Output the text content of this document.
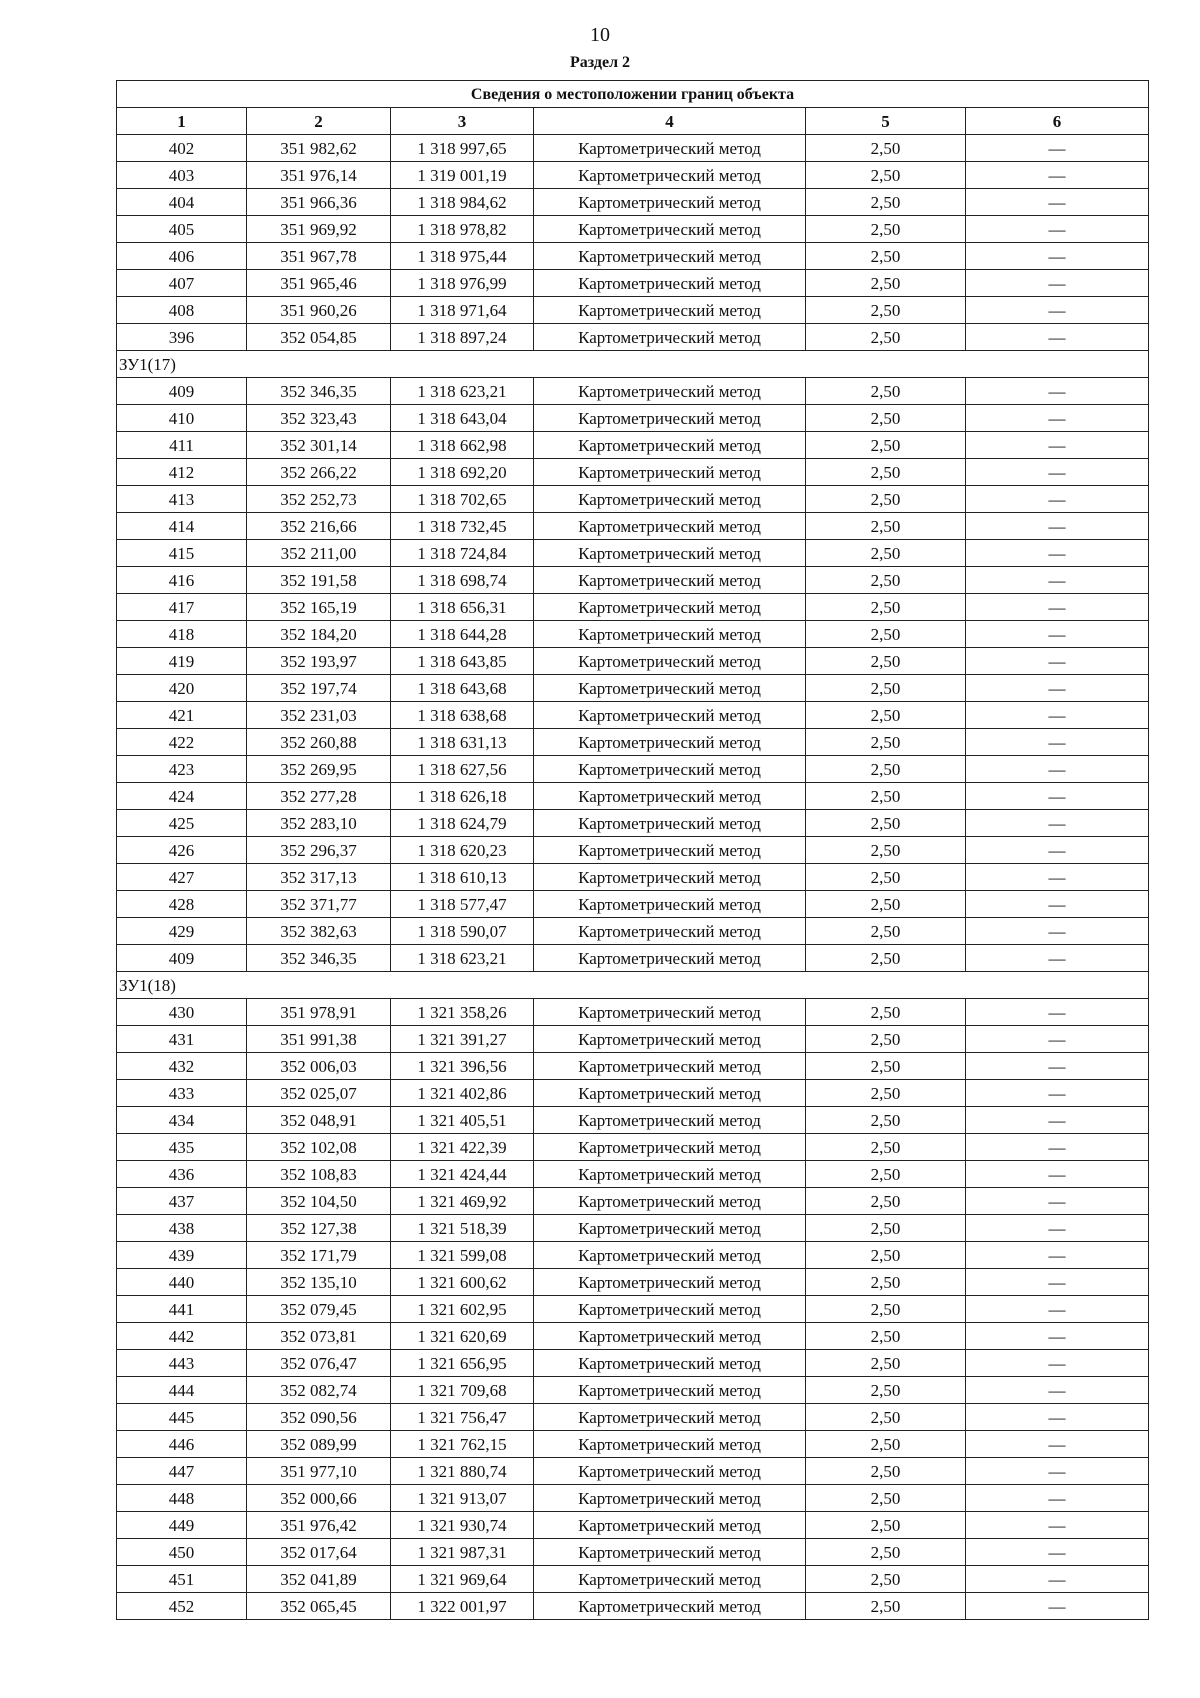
10
Раздел 2
Сведения о местоположении границ объекта					
1	2	3	4	5	6
402	351 982,62	1 318 997,65	Картометрический метод	2,50	—
403	351 976,14	1 319 001,19	Картометрический метод	2,50	—
404	351 966,36	1 318 984,62	Картометрический метод	2,50	—
405	351 969,92	1 318 978,82	Картометрический метод	2,50	—
406	351 967,78	1 318 975,44	Картометрический метод	2,50	—
407	351 965,46	1 318 976,99	Картометрический метод	2,50	—
408	351 960,26	1 318 971,64	Картометрический метод	2,50	—
396	352 054,85	1 318 897,24	Картометрический метод	2,50	—
ЗУ1(17)					
409	352 346,35	1 318 623,21	Картометрический метод	2,50	—
410	352 323,43	1 318 643,04	Картометрический метод	2,50	—
411	352 301,14	1 318 662,98	Картометрический метод	2,50	—
412	352 266,22	1 318 692,20	Картометрический метод	2,50	—
413	352 252,73	1 318 702,65	Картометрический метод	2,50	—
414	352 216,66	1 318 732,45	Картометрический метод	2,50	—
415	352 211,00	1 318 724,84	Картометрический метод	2,50	—
416	352 191,58	1 318 698,74	Картометрический метод	2,50	—
417	352 165,19	1 318 656,31	Картометрический метод	2,50	—
418	352 184,20	1 318 644,28	Картометрический метод	2,50	—
419	352 193,97	1 318 643,85	Картометрический метод	2,50	—
420	352 197,74	1 318 643,68	Картометрический метод	2,50	—
421	352 231,03	1 318 638,68	Картометрический метод	2,50	—
422	352 260,88	1 318 631,13	Картометрический метод	2,50	—
423	352 269,95	1 318 627,56	Картометрический метод	2,50	—
424	352 277,28	1 318 626,18	Картометрический метод	2,50	—
425	352 283,10	1 318 624,79	Картометрический метод	2,50	—
426	352 296,37	1 318 620,23	Картометрический метод	2,50	—
427	352 317,13	1 318 610,13	Картометрический метод	2,50	—
428	352 371,77	1 318 577,47	Картометрический метод	2,50	—
429	352 382,63	1 318 590,07	Картометрический метод	2,50	—
409	352 346,35	1 318 623,21	Картометрический метод	2,50	—
ЗУ1(18)					
430	351 978,91	1 321 358,26	Картометрический метод	2,50	—
431	351 991,38	1 321 391,27	Картометрический метод	2,50	—
432	352 006,03	1 321 396,56	Картометрический метод	2,50	—
433	352 025,07	1 321 402,86	Картометрический метод	2,50	—
434	352 048,91	1 321 405,51	Картометрический метод	2,50	—
435	352 102,08	1 321 422,39	Картометрический метод	2,50	—
436	352 108,83	1 321 424,44	Картометрический метод	2,50	—
437	352 104,50	1 321 469,92	Картометрический метод	2,50	—
438	352 127,38	1 321 518,39	Картометрический метод	2,50	—
439	352 171,79	1 321 599,08	Картометрический метод	2,50	—
440	352 135,10	1 321 600,62	Картометрический метод	2,50	—
441	352 079,45	1 321 602,95	Картометрический метод	2,50	—
442	352 073,81	1 321 620,69	Картометрический метод	2,50	—
443	352 076,47	1 321 656,95	Картометрический метод	2,50	—
444	352 082,74	1 321 709,68	Картометрический метод	2,50	—
445	352 090,56	1 321 756,47	Картометрический метод	2,50	—
446	352 089,99	1 321 762,15	Картометрический метод	2,50	—
447	351 977,10	1 321 880,74	Картометрический метод	2,50	—
448	352 000,66	1 321 913,07	Картометрический метод	2,50	—
449	351 976,42	1 321 930,74	Картометрический метод	2,50	—
450	352 017,64	1 321 987,31	Картометрический метод	2,50	—
451	352 041,89	1 321 969,64	Картометрический метод	2,50	—
452	352 065,45	1 322 001,97	Картометрический метод	2,50	—
